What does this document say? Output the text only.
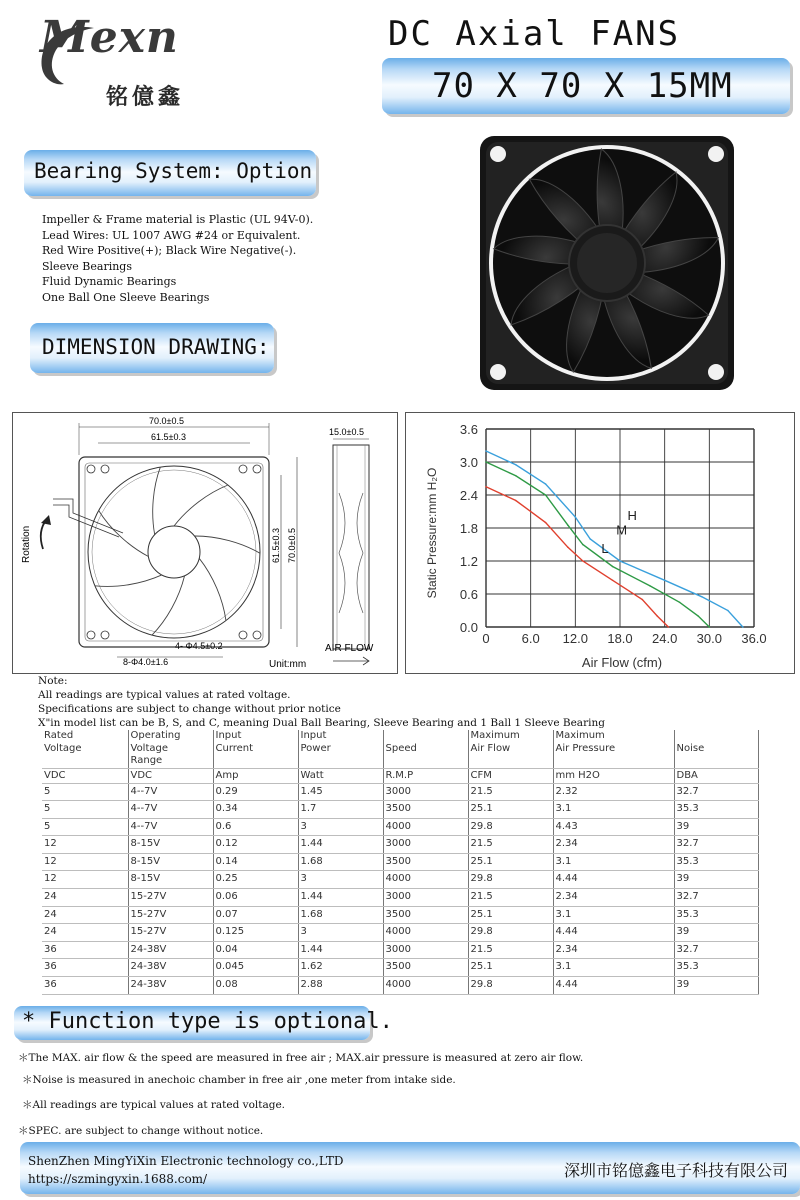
Mexn
铭億鑫
DC Axial FANS
70 X 70 X 15MM
Bearing System: Option
Impeller & Frame material is Plastic (UL 94V-0).
Lead Wires: UL 1007 AWG #24 or Equivalent.
Red Wire Positive(+); Black Wire Negative(-).
Sleeve Bearings
Fluid Dynamic Bearings
One Ball One Sleeve Bearings
DIMENSION DRAWING:
70.0±0.5
61.5±0.3
61.5±0.3 70.0±0.5
15.0±0.5
AIR FLOW
Rotation
4- Φ4.5±0.2
8-Φ4.0±1.6	Unit:mm
0 6.0 12.0 18.0 24.0 30.0 36.0
0.0
0.6
1.2
1.8
2.4
3.0
3.6
Air Flow (cfm)
Static Pressure:mm H₂O	H
M
L
Note:
All readings are typical values at rated voltage.
Specifications are subject to change without prior notice
X"in model list can be B, S, and C, meaning Dual Ball Bearing, Sleeve Bearing and 1 Ball 1 Sleeve Bearing
Rated	Operating	Input	Input		Maximum	Maximum	
Voltage	Voltage	Current	Power	Speed	Air Flow	Air Pressure	Noise
	Range						
VDC	VDC	Amp	Watt	R.M.P	CFM	mm H2O	DBA
5	4--7V	0.29	1.45	3000	21.5	2.32	32.7
5	4--7V	0.34	1.7	3500	25.1	3.1	35.3
5	4--7V	0.6	3	4000	29.8	4.43	39
12	8-15V	0.12	1.44	3000	21.5	2.34	32.7
12	8-15V	0.14	1.68	3500	25.1	3.1	35.3
12	8-15V	0.25	3	4000	29.8	4.44	39
24	15-27V	0.06	1.44	3000	21.5	2.34	32.7
24	15-27V	0.07	1.68	3500	25.1	3.1	35.3
24	15-27V	0.125	3	4000	29.8	4.44	39
36	24-38V	0.04	1.44	3000	21.5	2.34	32.7
36	24-38V	0.045	1.62	3500	25.1	3.1	35.3
36	24-38V	0.08	2.88	4000	29.8	4.44	39
* Function type is optional.
＊The MAX. air flow & the speed are measured in free air ; MAX.air pressure is measured at zero air flow.
＊Noise is measured in anechoic chamber in free air ,one meter from intake side.
＊All readings are typical values at rated voltage.
＊SPEC. are subject to change without notice.
ShenZhen MingYiXin Electronic technology co.,LTD
https://szmingyxin.1688.com/	深圳市铭億鑫电子科技有限公司
